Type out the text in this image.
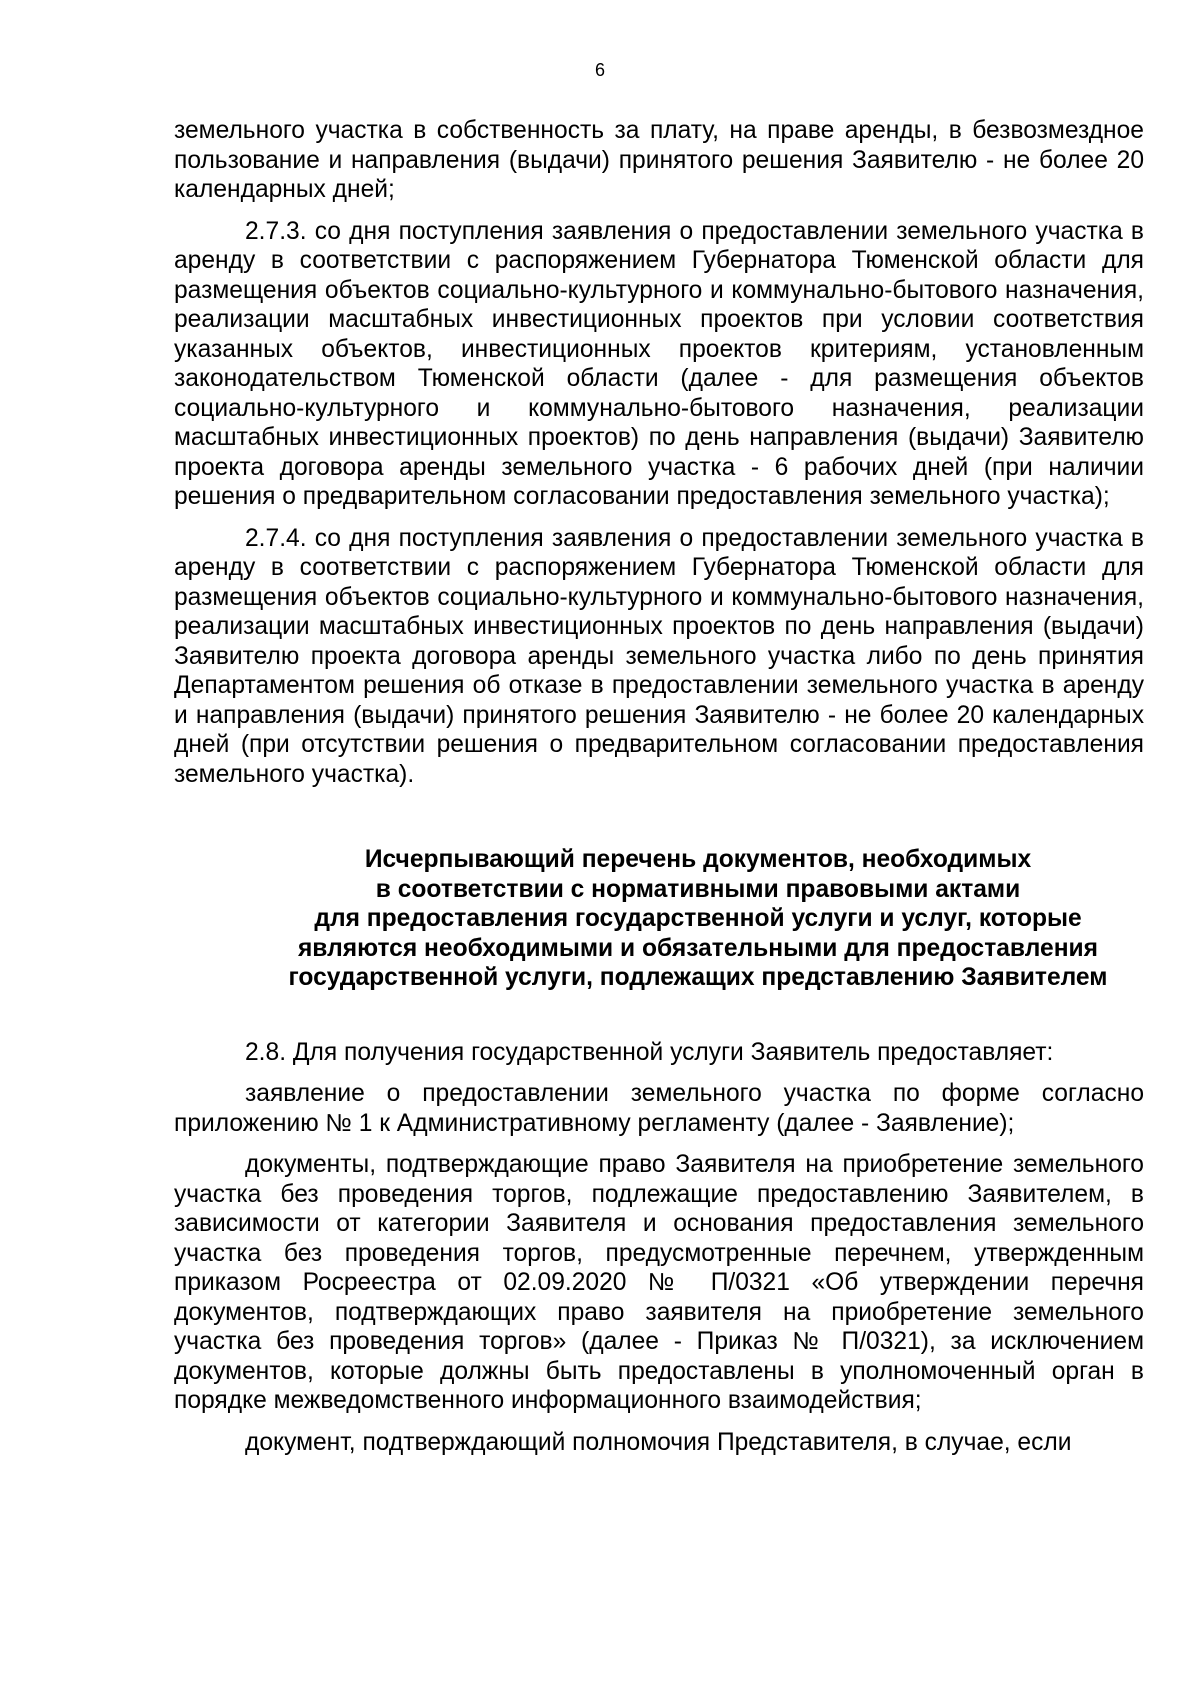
6

земельного участка в собственность за плату, на праве аренды, в безвозмездное пользование и направления (выдачи) принятого решения Заявителю - не более 20 календарных дней;

2.7.3. со дня поступления заявления о предоставлении земельного участка в аренду в соответствии с распоряжением Губернатора Тюменской области для размещения объектов социально-культурного и коммунально-бытового назначения, реализации масштабных инвестиционных проектов при условии соответствия указанных объектов, инвестиционных проектов критериям, установленным законодательством Тюменской области (далее - для размещения объектов социально-культурного и коммунально-бытового назначения, реализации масштабных инвестиционных проектов) по день направления (выдачи) Заявителю проекта договора аренды земельного участка - 6 рабочих дней (при наличии решения о предварительном согласовании предоставления земельного участка);

2.7.4. со дня поступления заявления о предоставлении земельного участка в аренду в соответствии с распоряжением Губернатора Тюменской области для размещения объектов социально-культурного и коммунально-бытового назначения, реализации масштабных инвестиционных проектов по день направления (выдачи) Заявителю проекта договора аренды земельного участка либо по день принятия Департаментом решения об отказе в предоставлении земельного участка в аренду и направления (выдачи) принятого решения Заявителю - не более 20 календарных дней (при отсутствии решения о предварительном согласовании предоставления земельного участка).

Исчерпывающий перечень документов, необходимых
в соответствии с нормативными правовыми актами
для предоставления государственной услуги и услуг, которые
являются необходимыми и обязательными для предоставления
государственной услуги, подлежащих представлению Заявителем

2.8. Для получения государственной услуги Заявитель предоставляет:

заявление о предоставлении земельного участка по форме согласно приложению № 1 к Административному регламенту (далее - Заявление);

документы, подтверждающие право Заявителя на приобретение земельного участка без проведения торгов, подлежащие предоставлению Заявителем, в зависимости от категории Заявителя и основания предоставления земельного участка без проведения торгов, предусмотренные перечнем, утвержденным приказом Росреестра от 02.09.2020 № П/0321 «Об утверждении перечня документов, подтверждающих право заявителя на приобретение земельного участка без проведения торгов» (далее - Приказ № П/0321), за исключением документов, которые должны быть предоставлены в уполномоченный орган в порядке межведомственного информационного взаимодействия;

документ, подтверждающий полномочия Представителя, в случае, если
